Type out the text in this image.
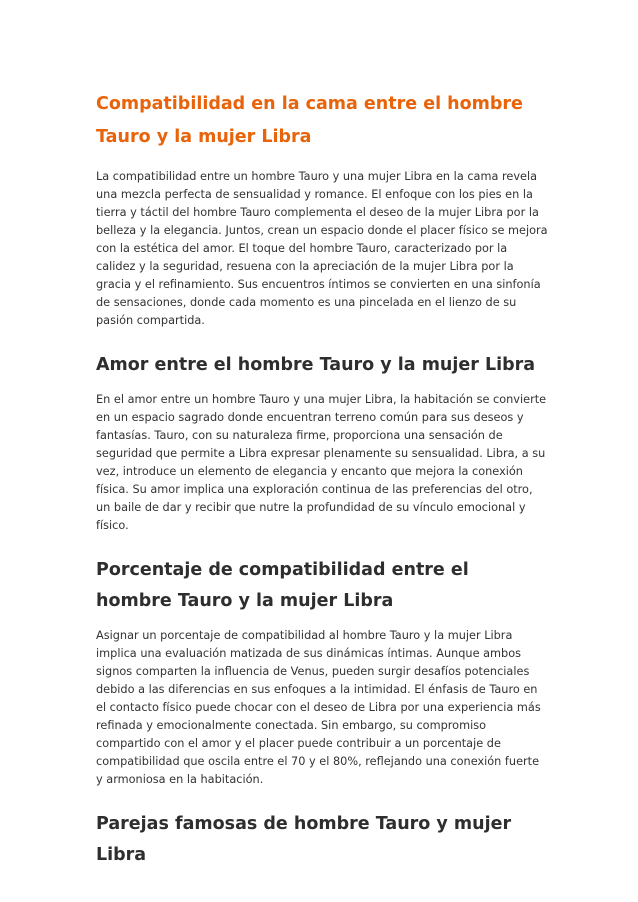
Compatibilidad en la cama entre el hombre Tauro y la mujer Libra

La compatibilidad entre un hombre Tauro y una mujer Libra en la cama revela una mezcla perfecta de sensualidad y romance. El enfoque con los pies en la tierra y táctil del hombre Tauro complementa el deseo de la mujer Libra por la belleza y la elegancia. Juntos, crean un espacio donde el placer físico se mejora con la estética del amor. El toque del hombre Tauro, caracterizado por la calidez y la seguridad, resuena con la apreciación de la mujer Libra por la gracia y el refinamiento. Sus encuentros íntimos se convierten en una sinfonía de sensaciones, donde cada momento es una pincelada en el lienzo de su pasión compartida.

Amor entre el hombre Tauro y la mujer Libra

En el amor entre un hombre Tauro y una mujer Libra, la habitación se convierte en un espacio sagrado donde encuentran terreno común para sus deseos y fantasías. Tauro, con su naturaleza firme, proporciona una sensación de seguridad que permite a Libra expresar plenamente su sensualidad. Libra, a su vez, introduce un elemento de elegancia y encanto que mejora la conexión física. Su amor implica una exploración continua de las preferencias del otro, un baile de dar y recibir que nutre la profundidad de su vínculo emocional y físico.

Porcentaje de compatibilidad entre el hombre Tauro y la mujer Libra

Asignar un porcentaje de compatibilidad al hombre Tauro y la mujer Libra implica una evaluación matizada de sus dinámicas íntimas. Aunque ambos signos comparten la influencia de Venus, pueden surgir desafíos potenciales debido a las diferencias en sus enfoques a la intimidad. El énfasis de Tauro en el contacto físico puede chocar con el deseo de Libra por una experiencia más refinada y emocionalmente conectada. Sin embargo, su compromiso compartido con el amor y el placer puede contribuir a un porcentaje de compatibilidad que oscila entre el 70 y el 80%, reflejando una conexión fuerte y armoniosa en la habitación.

Parejas famosas de hombre Tauro y mujer Libra
